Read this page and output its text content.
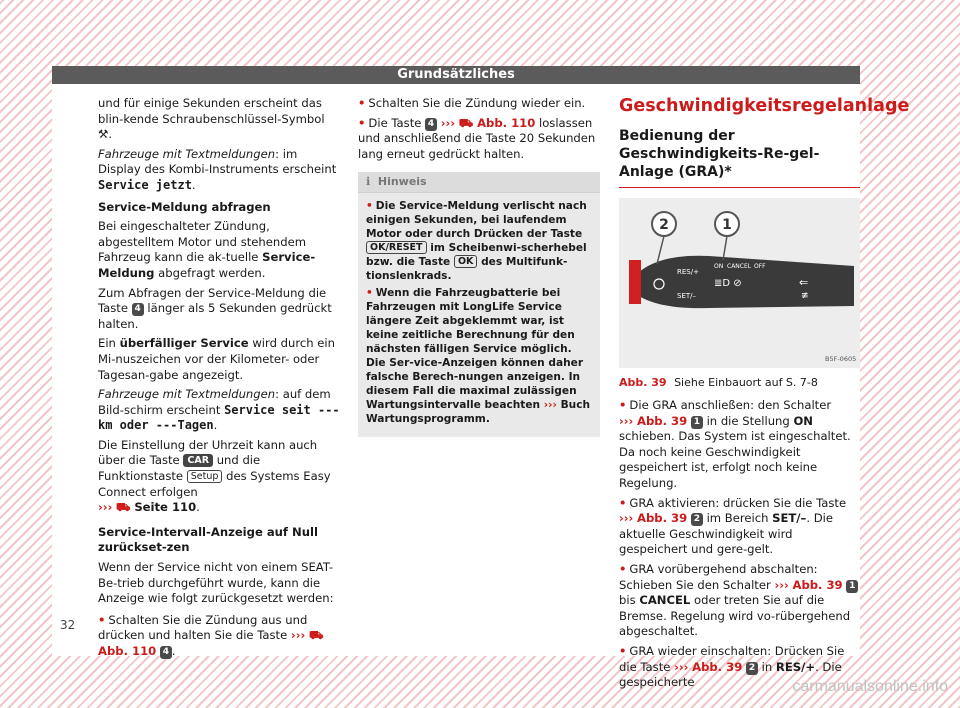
Grundsätzliches

und für einige Sekunden erscheint das blin-kende Schraubenschlüssel-Symbol ⚒.

Fahrzeuge mit Textmeldungen: im Display des Kombi-Instruments erscheint Service jetzt.

Service-Meldung abfragen

Bei eingeschalteter Zündung, abgestelltem Motor und stehendem Fahrzeug kann die ak-tuelle Service-Meldung abgefragt werden.

Zum Abfragen der Service-Meldung die Taste 4 länger als 5 Sekunden gedrückt halten.

Ein überfälliger Service wird durch ein Mi-nuszeichen vor der Kilometer- oder Tagesan-gabe angezeigt.

Fahrzeuge mit Textmeldungen: auf dem Bild-schirm erscheint Service seit --- km oder ---Tagen.

Die Einstellung der Uhrzeit kann auch über die Taste CAR und die Funktionstaste Setup des Systems Easy Connect erfolgen
››› ⛟ Seite 110.

Service-Intervall-Anzeige auf Null zurückset-zen

Wenn der Service nicht von einem SEAT-Be-trieb durchgeführt wurde, kann die Anzeige wie folgt zurückgesetzt werden:

• Schalten Sie die Zündung aus und drücken und halten Sie die Taste ››› ⛟ Abb. 110 4 .

• Schalten Sie die Zündung wieder ein.

• Die Taste 4 ››› ⛟ Abb. 110 loslassen und anschließend die Taste 20 Sekunden lang erneut gedrückt halten.

ℹ Hinweis

• Die Service-Meldung verlischt nach einigen Sekunden, bei laufendem Motor oder durch Drücken der Taste OK/RESET im Scheibenwi-scherhebel bzw. die Taste OK des Multifunk-tionslenkrads.

• Wenn die Fahrzeugbatterie bei Fahrzeugen mit LongLife Service längere Zeit abgeklemmt war, ist keine zeitliche Berechnung für den nächsten fälligen Service möglich. Die Ser-vice-Anzeigen können daher falsche Berech-nungen anzeigen. In diesem Fall die maximal zulässigen Wartungsintervalle beachten ››› Buch Wartungsprogramm.

Geschwindigkeitsregelanlage
Bedienung der Geschwindigkeits-Re-gel-Anlage (GRA)*
2	1
RES/+
ON CANCEL OFF
SET/–
≣D ⊘	⇐
≢
B5F-0605

Abb. 39 Siehe Einbauort auf S. 7-8

• Die GRA anschließen: den Schalter
››› Abb. 39 1 in die Stellung ON schieben. Das System ist eingeschaltet. Da noch keine Geschwindigkeit gespeichert ist, erfolgt noch keine Regelung.

• GRA aktivieren: drücken Sie die Taste
››› Abb. 39 2 im Bereich SET/–. Die aktuelle Geschwindigkeit wird gespeichert und gere-gelt.

• GRA vorübergehend abschalten: Schieben Sie den Schalter ››› Abb. 39 1 bis CANCEL oder treten Sie auf die Bremse. Regelung wird vo-rübergehend abgeschaltet.

• GRA wieder einschalten: Drücken Sie die Taste ››› Abb. 39 2 in RES/+. Die gespeicherte

32
carmanualsonline.info
